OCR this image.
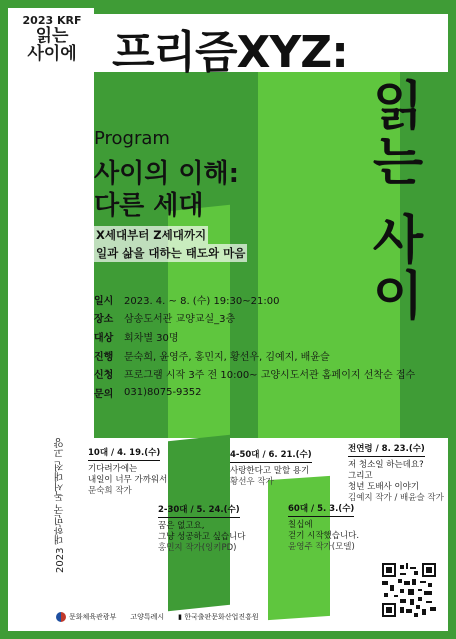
2023 KRF
읽는
사이에 프리즘XYZ:
읽는 사이
Program
사이의 이해:
다른 세대
X세대부터 Z세대까지
일과 삶을 대하는 태도와 마음
일시	2023. 4. ~ 8. (수) 19:30~21:00
장소	삼송도서관 교양교실_3층
대상	회차별 30명
진행	문숙희, 윤영주, 홍민지, 황선우, 김예지, 배윤슬
신청	프로그램 시작 3주 전 10:00~ 고양시도서관 홈페이지 선착순 접수
문의	031)8075-9352
2023 대한민국 독서대전 고양	10대 / 4. 19.(수)
기다려가에는
내일이 너무 가까워서
문숙희 작가
2-30대 / 5. 24.(수)
꿈은 없고요,
그냥 성공하고 싶습니다
홍민지 작가(잉키PD)
4-50대 / 6. 21.(수)
사랑한다고 말할 용기
황선우 작가
60대 / 5. 3.(수)
칠십에
걷기 시작했습니다.
윤영주 작가(모델)
전연령 / 8. 23.(수)
저 청소일 하는데요?
그리고
청년 도배사 이야기
김예지 작가 / 배윤슬 작가
문화체육관광부 고양특례시 ▮ 한국출판문화산업진흥원
